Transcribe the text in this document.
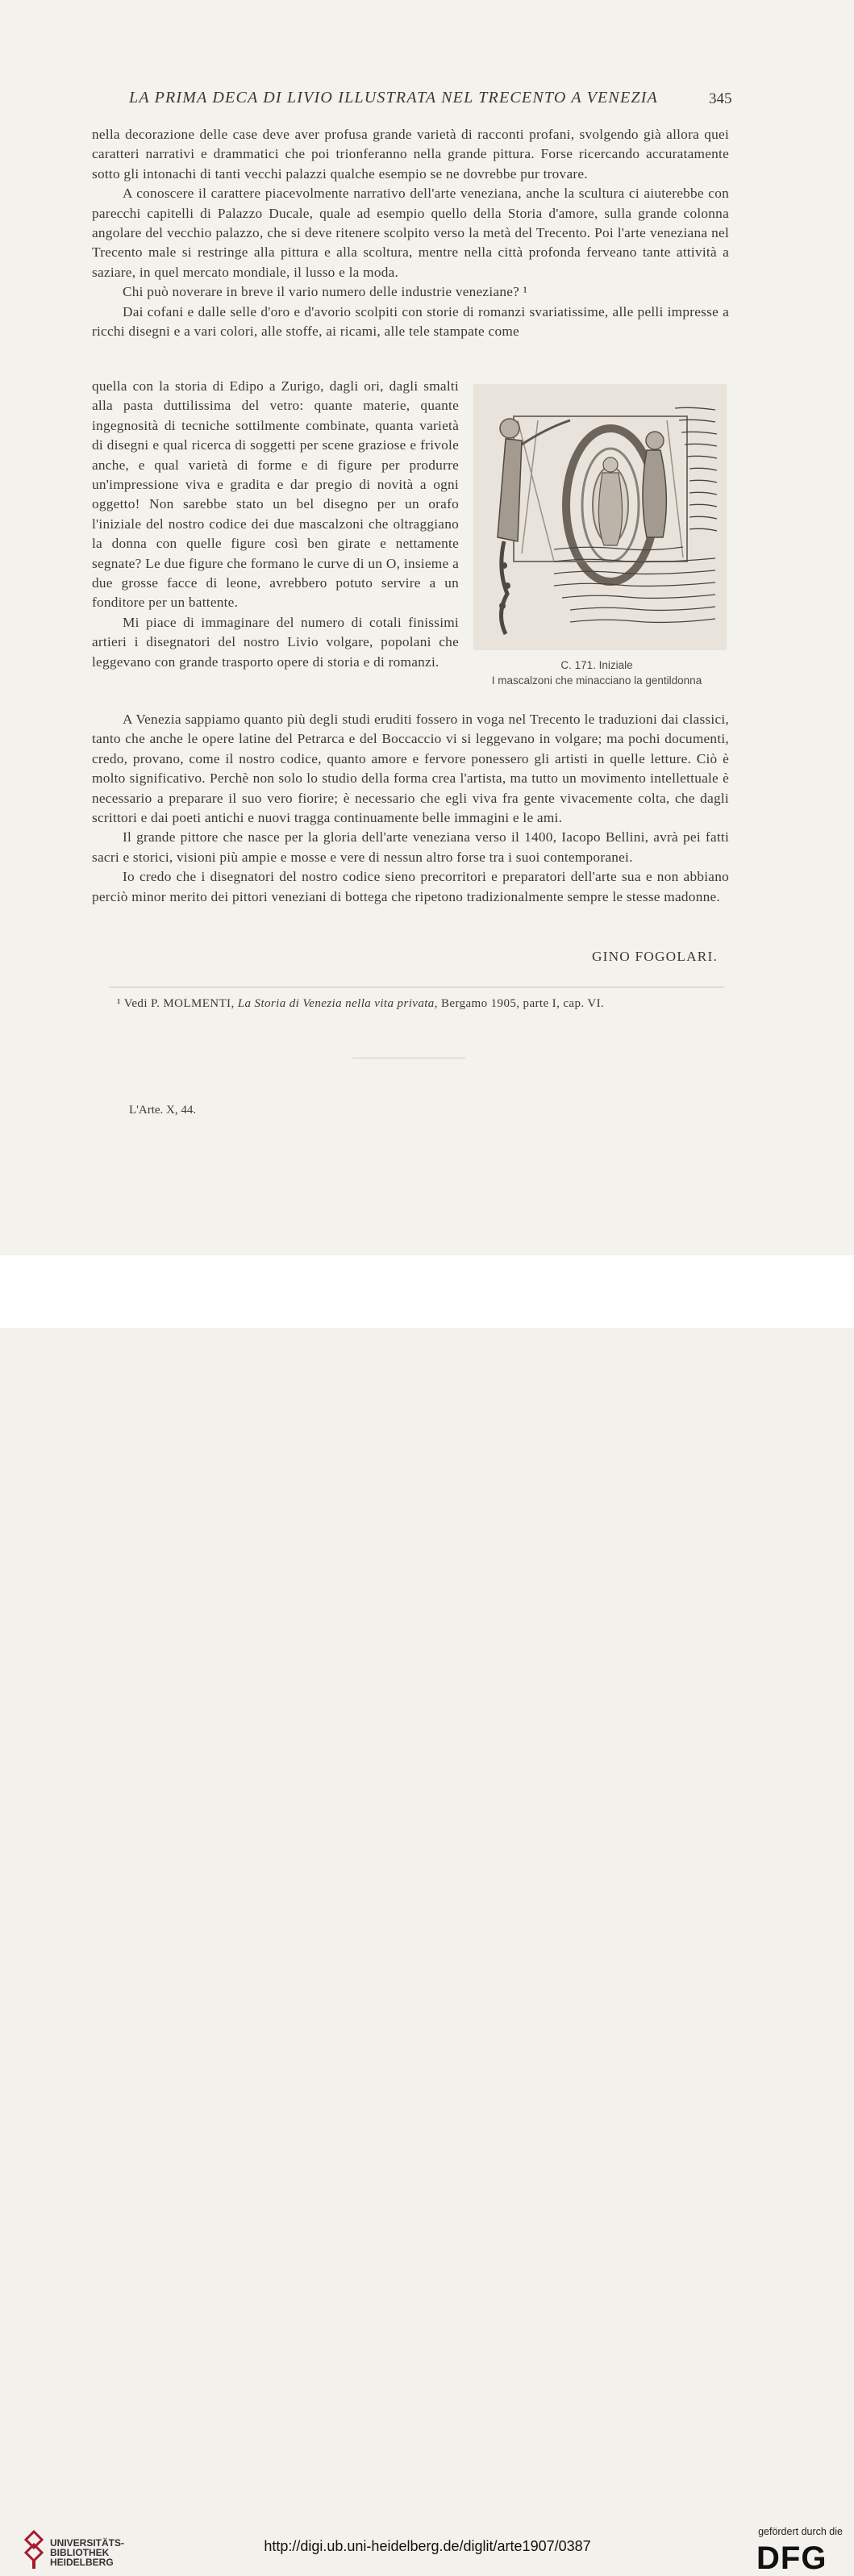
LA PRIMA DECA DI LIVIO ILLUSTRATA NEL TRECENTO A VENEZIA	345

nella decorazione delle case deve aver profusa grande varietà di racconti profani, svolgendo già allora quei caratteri narrativi e drammatici che poi trionferanno nella grande pittura. Forse ricercando accuratamente sotto gli intonachi di tanti vecchi palazzi qualche esempio se ne dovrebbe pur trovare.

A conoscere il carattere piacevolmente narrativo dell'arte veneziana, anche la scultura ci aiuterebbe con parecchi capitelli di Palazzo Ducale, quale ad esempio quello della Storia d'amore, sulla grande colonna angolare del vecchio palazzo, che si deve ritenere scolpito verso la metà del Trecento. Poi l'arte veneziana nel Trecento male si restringe alla pittura e alla scoltura, mentre nella città profonda ferveano tante attività a saziare, in quel mercato mondiale, il lusso e la moda.

Chi può noverare in breve il vario numero delle industrie veneziane? ¹

Dai cofani e dalle selle d'oro e d'avorio scolpiti con storie di romanzi svariatissime, alle pelli impresse a ricchi disegni e a vari colori, alle stoffe, ai ricami, alle tele stampate come

quella con la storia di Edipo a Zurigo, dagli ori, dagli smalti alla pasta duttilissima del vetro: quante materie, quante ingegnosità di tecniche sottilmente combinate, quanta varietà di disegni e qual ricerca di soggetti per scene graziose e frivole anche, e qual varietà di forme e di figure per produrre un'impressione viva e gradita e dar pregio di novità a ogni oggetto! Non sarebbe stato un bel disegno per un orafo l'iniziale del nostro codice dei due mascalzoni che oltraggiano la donna con quelle figure così ben girate e nettamente segnate? Le due figure che formano le curve di un O, insieme a due grosse facce di leone, avrebbero potuto servire a un fonditore per un battente.

Mi piace di immaginare del numero di cotali finissimi artieri i disegnatori del nostro Livio volgare, popolani che leggevano con grande trasporto opere di storia e di romanzi.	C. 171. Iniziale
I mascalzoni che minacciano la gentildonna

A Venezia sappiamo quanto più degli studi eruditi fossero in voga nel Trecento le traduzioni dai classici, tanto che anche le opere latine del Petrarca e del Boccaccio vi si leggevano in volgare; ma pochi documenti, credo, provano, come il nostro codice, quanto amore e fervore ponessero gli artisti in quelle letture. Ciò è molto significativo. Perchè non solo lo studio della forma crea l'artista, ma tutto un movimento intellettuale è necessario a preparare il suo vero fiorire; è necessario che egli viva fra gente vivacemente colta, che dagli scrittori e dai poeti antichi e nuovi tragga continuamente belle immagini e le ami.

Il grande pittore che nasce per la gloria dell'arte veneziana verso il 1400, Iacopo Bellini, avrà pei fatti sacri e storici, visioni più ampie e mosse e vere di nessun altro forse tra i suoi contemporanei.

Io credo che i disegnatori del nostro codice sieno precorritori e preparatori dell'arte sua e non abbiano perciò minor merito dei pittori veneziani di bottega che ripetono tradizionalmente sempre le stesse madonne.

GINO FOGOLARI.
¹ Vedi P. MOLMENTI, La Storia di Venezia nella vita privata, Bergamo 1905, parte I, cap. VI.
L'Arte. X, 44.
UNIVERSITÄTS-
BIBLIOTHEK
HEIDELBERG
http://digi.ub.uni-heidelberg.de/diglit/arte1907/0387
gefördert durch die
DFG
